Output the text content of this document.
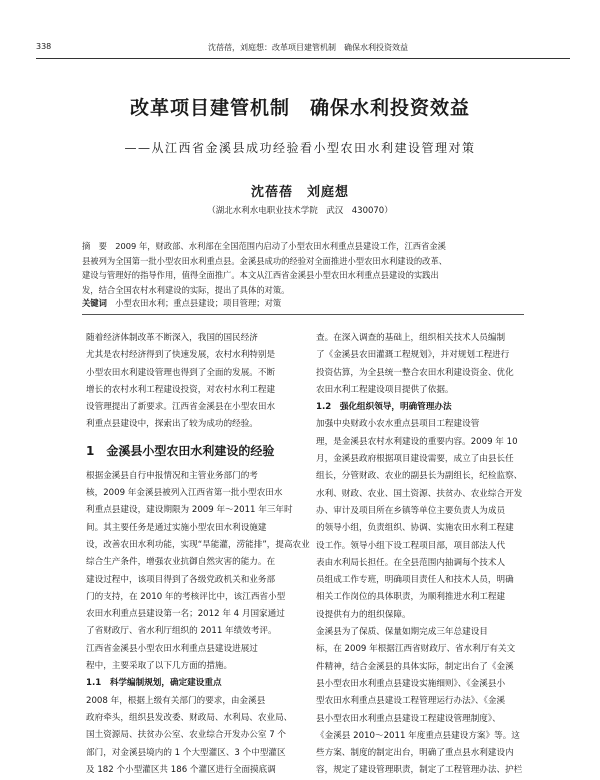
338	沈蓓蓓，刘庭想：改革项目建管机制　确保水利投资效益
改革项目建管机制　确保水利投资效益
——从江西省金溪县成功经验看小型农田水利建设管理对策
沈蓓蓓　刘庭想
（湖北水利水电职业技术学院　武汉　430070）
摘　要　2009 年，财政部、水利部在全国范围内启动了小型农田水利重点县建设工作，江西省金溪
县被列为全国第一批小型农田水利重点县。金溪县成功的经验对全面推进小型农田水利建设的改革、
建设与管理好的指导作用，值得全面推广。本文从江西省金溪县小型农田水利重点县建设的实践出
发，结合全国农村水利建设的实际，提出了具体的对策。
关键词　 小型农田水利；重点县建设；项目管理；对策
随着经济体制改革不断深入，我国的国民经济
尤其是农村经济得到了快速发展，农村水利特别是
小型农田水利建设管理也得到了全面的发展。不断
增长的农村水利工程建设投资，对农村水利工程建
设管理提出了新要求。江西省金溪县在小型农田水
利重点县建设中，探索出了较为成功的经验。
1　金溪县小型农田水利建设的经验
根据金溪县自行申报情况和主管业务部门的考
核，2009 年金溪县被列入江西省第一批小型农田水
利重点县建设，建设期限为 2009 年～2011 年三年时
间。其主要任务是通过实施小型农田水利设施建
设，改善农田水利功能，实现“旱能灌，涝能排”，提高农业
综合生产条件，增强农业抗御自然灾害的能力。在
建设过程中，该项目得到了各级党政机关和业务部
门的支持，在 2010 年的考核评比中，该江西省小型
农田水利重点县建设第一名；2012 年 4 月国家通过
了省财政厅、省水利厅组织的 2011 年绩效考评。
江西省金溪县小型农田水利重点县建设进展过
程中，主要采取了以下几方面的措施。
1.1　科学编制规划，确定建设重点
2008 年，根据上级有关部门的要求，由金溪县
政府牵头，组织县发改委、财政局、水利局、农业局、
国土资源局、扶贫办公室、农业综合开发办公室 7 个
部门，对金溪县境内的 1 个大型灌区、3 个中型灌区
及 182 个小型灌区共 186 个灌区进行全面摸底调
查。在深入调查的基础上，组织相关技术人员编制
了《金溪县农田灌溉工程规划》，并对规划工程进行
投资估算，为全县统一整合农田水利建设资金、优化
农田水利工程建设项目提供了依据。
1.2　强化组织领导，明确管理办法
加强中央财政小农水重点县项目工程建设管
理，是金溪县农村水利建设的重要内容。2009 年 10
月，金溪县政府根据项目建设需要，成立了由县长任
组长，分管财政、农业的副县长为副组长，纪检监察、
水利、财政、农业、国土资源、扶贫办、农业综合开发
办、审计及项目所在乡镇等单位主要负责人为成员
的领导小组，负责组织、协调、实施农田水利工程建
设工作。领导小组下设工程项目部，项目部法人代
表由水利局长担任。在全县范围内抽调每个技术人
员组成工作专班，明确项目责任人和技术人员，明确
相关工作岗位的具体职责，为顺利推进水利工程建
设提供有力的组织保障。
金溪县为了保质、保量如期完成三年总建设目
标，在 2009 年根据江西省财政厅、省水利厅有关文
件精神，结合金溪县的具体实际，制定出台了《金溪
县小型农田水利重点县建设实施细则》、《金溪县小
型农田水利重点县建设工程管理运行办法》、《金溪
县小型农田水利重点县建设工程建设管理制度》、
《金溪县 2010～2011 年度重点县建设方案》等。这
些方案、制度的制定出台，明确了重点县水利建设内
容，规定了建设管理职责，制定了工程管理办法、护栏
